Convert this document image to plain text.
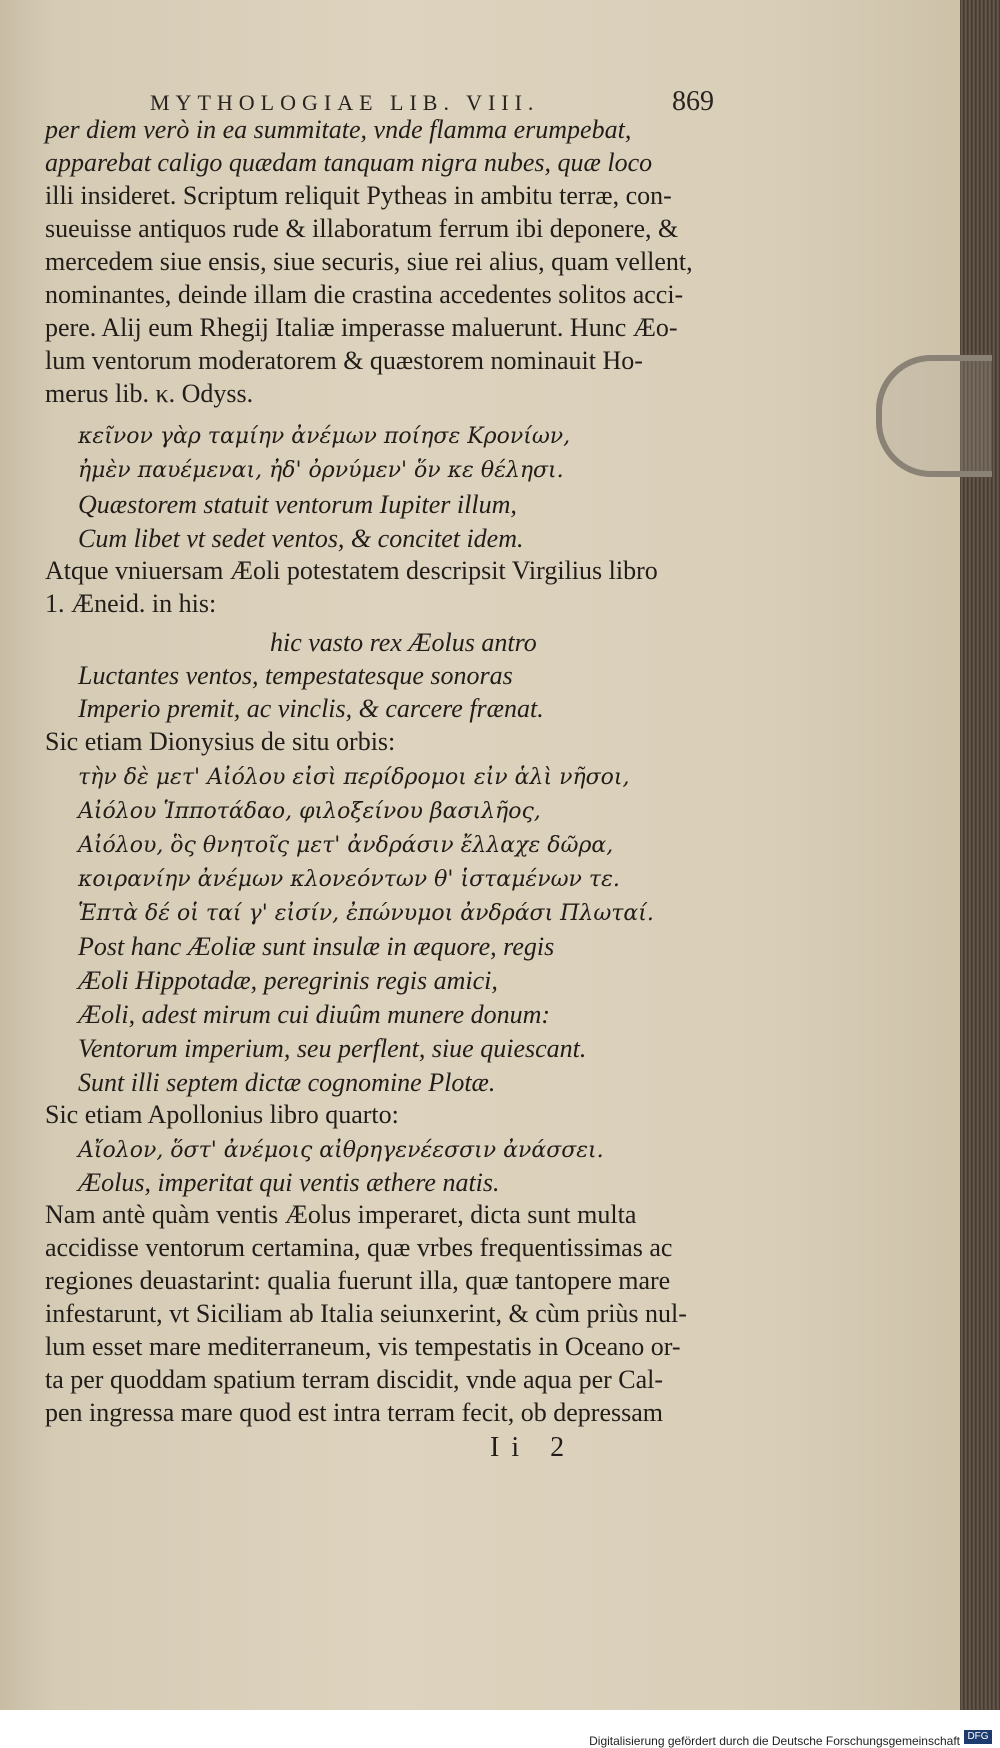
MYTHOLOGIAE LIB. VIII.	869
per diem verò in ea summitate, vnde flamma erumpebat,
apparebat caligo quædam tanquam nigra nubes, quæ loco
illi insideret. Scriptum reliquit Pytheas in ambitu terræ, con-
sueuisse antiquos rude & illaboratum ferrum ibi deponere, &
mercedem siue ensis, siue securis, siue rei alius, quam vellent,
nominantes, deinde illam die crastina accedentes solitos acci-
pere. Alij eum Rhegij Italiæ imperasse maluerunt. Hunc Æo-
lum ventorum moderatorem & quæstorem nominauit Ho-
merus lib. κ. Odyss.
κεῖνον γὰρ ταμίην ἀνέμων ποίησε Κρονίων,
ἠμὲν παυέμεναι, ἠδ' ὀρνύμεν' ὅν κε θέλησι.
Quæstorem statuit ventorum Iupiter illum,
Cum libet vt sedet ventos, & concitet idem.
Atque vniuersam Æoli potestatem descripsit Virgilius libro
1. Æneid. in his:
hic vasto rex Æolus antro
Luctantes ventos, tempestatesque sonoras
Imperio premit, ac vinclis, & carcere frænat.
Sic etiam Dionysius de situ orbis:
τὴν δὲ μετ' Αἰόλου εἰσὶ περίδρομοι εἰν ἁλὶ νῆσοι,
Αἰόλου Ἱπποτάδαο, φιλοξείνου βασιλῆος,
Αἰόλου, ὃς θνητοῖς μετ' ἀνδράσιν ἔλλαχε δῶρα,
κοιρανίην ἀνέμων κλονεόντων θ' ἱσταμένων τε.
Ἑπτὰ δέ οἱ ταί γ' εἰσίν, ἐπώνυμοι ἀνδράσι Πλωταί.
Post hanc Æoliæ sunt insulæ in æquore, regis
Æoli Hippotadæ, peregrinis regis amici,
Æoli, adest mirum cui diuûm munere donum:
Ventorum imperium, seu perflent, siue quiescant.
Sunt illi septem dictæ cognomine Plotæ.
Sic etiam Apollonius libro quarto:
Αἴολον, ὅστ' ἀνέμοις αἰθρηγενέεσσιν ἀνάσσει.
Æolus, imperitat qui ventis æthere natis.
Nam antè quàm ventis Æolus imperaret, dicta sunt multa
accidisse ventorum certamina, quæ vrbes frequentissimas ac
regiones deuastarint: qualia fuerunt illa, quæ tantopere mare
infestarunt, vt Siciliam ab Italia seiunxerint, & cùm priùs nul-
lum esset mare mediterraneum, vis tempestatis in Oceano or-
ta per quoddam spatium terram discidit, vnde aqua per Cal-
pen ingressa mare quod est intra terram fecit, ob depressam
Ii 2
Digitalisierung gefördert durch die Deutsche Forschungsgemeinschaft DFG
